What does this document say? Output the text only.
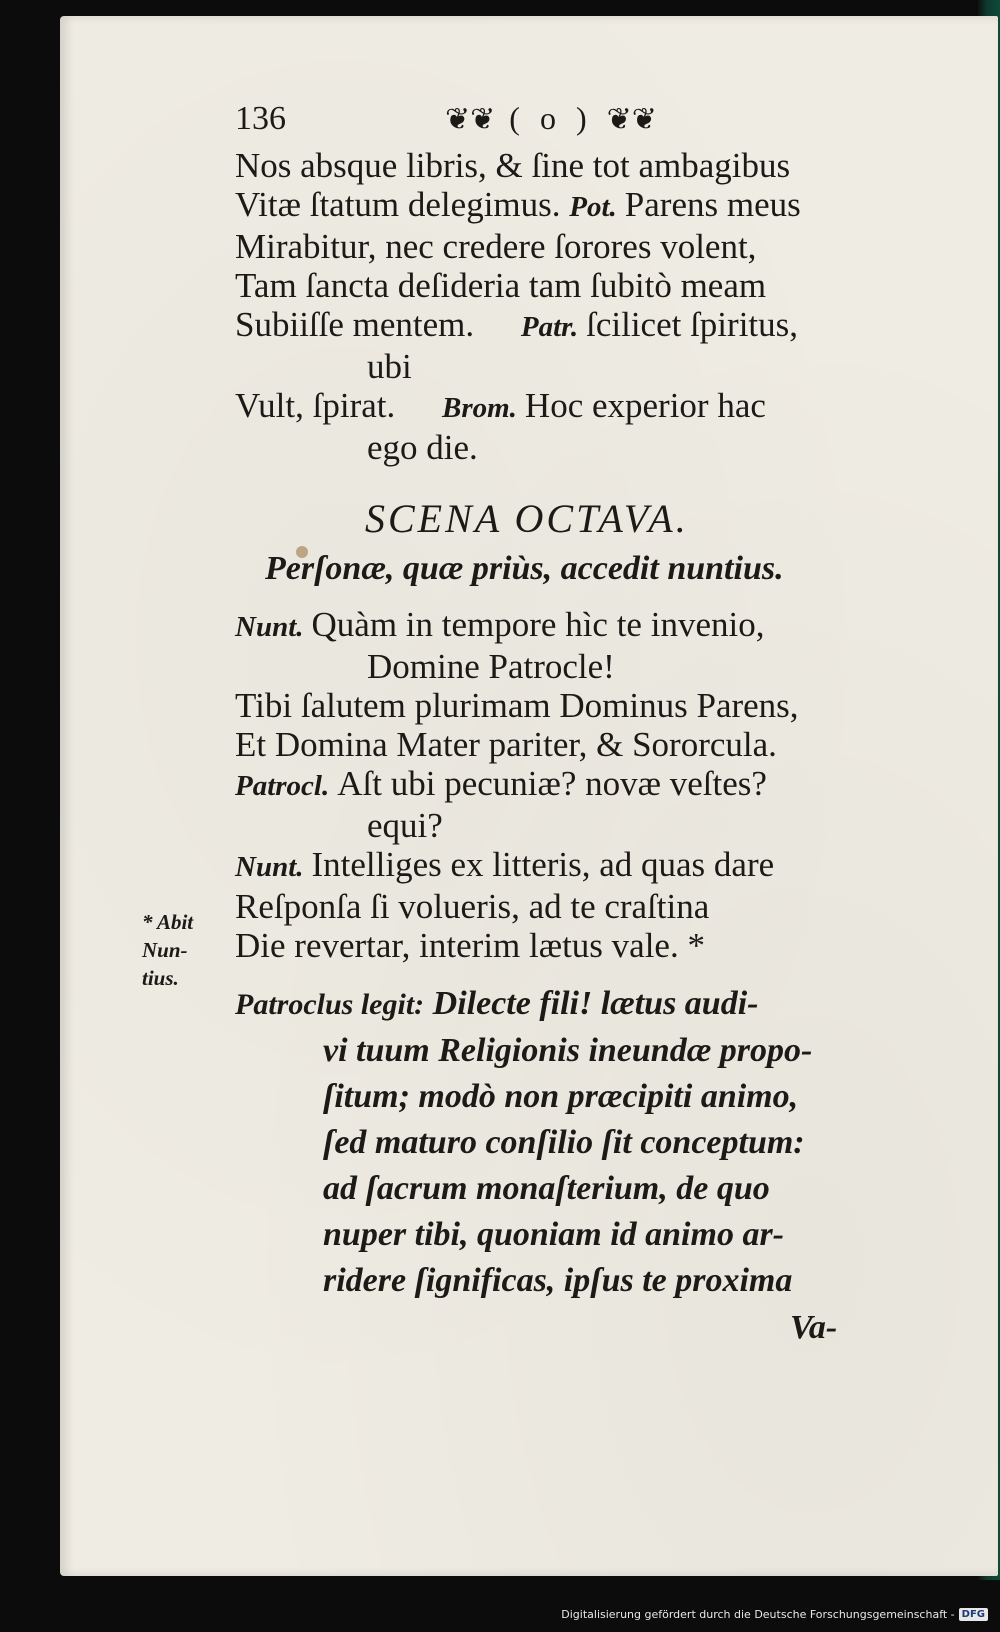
136	❦❦ ( o ) ❦❦
Nos absque libris, & ſine tot ambagibus
Vitæ ſtatum delegimus. Pot. Parens meus
Mirabitur, nec credere ſorores volent,
Tam ſancta deſideria tam ſubitò meam
Subiiſſe mentem. Patr. ſcilicet ſpiritus,
ubi
Vult, ſpirat. Brom. Hoc experior hac
ego die.
SCENA OCTAVA.
Perſonæ, quæ priùs, accedit nuntius.
Nunt. Quàm in tempore hìc te invenio,
Domine Patrocle!
Tibi ſalutem plurimam Dominus Parens,
Et Domina Mater pariter, & Sororcula.
Patrocl. Aſt ubi pecuniæ? novæ veſtes?
equi?
Nunt. Intelliges ex litteris, ad quas dare
Reſponſa ſi volueris, ad te craſtina
Die revertar, interim lætus vale. *
Patroclus legit: Dilecte fili! lætus audi-
vi tuum Religionis ineundæ propo-
ſitum; modò non præcipiti animo,
ſed maturo conſilio ſit conceptum:
ad ſacrum monaſterium, de quo
nuper tibi, quoniam id animo ar-
ridere ſignificas, ipſus te proxima
Va-
* Abit
Nun-
tius.
Digitalisierung gefördert durch die Deutsche Forschungsgemeinschaft - DFG
